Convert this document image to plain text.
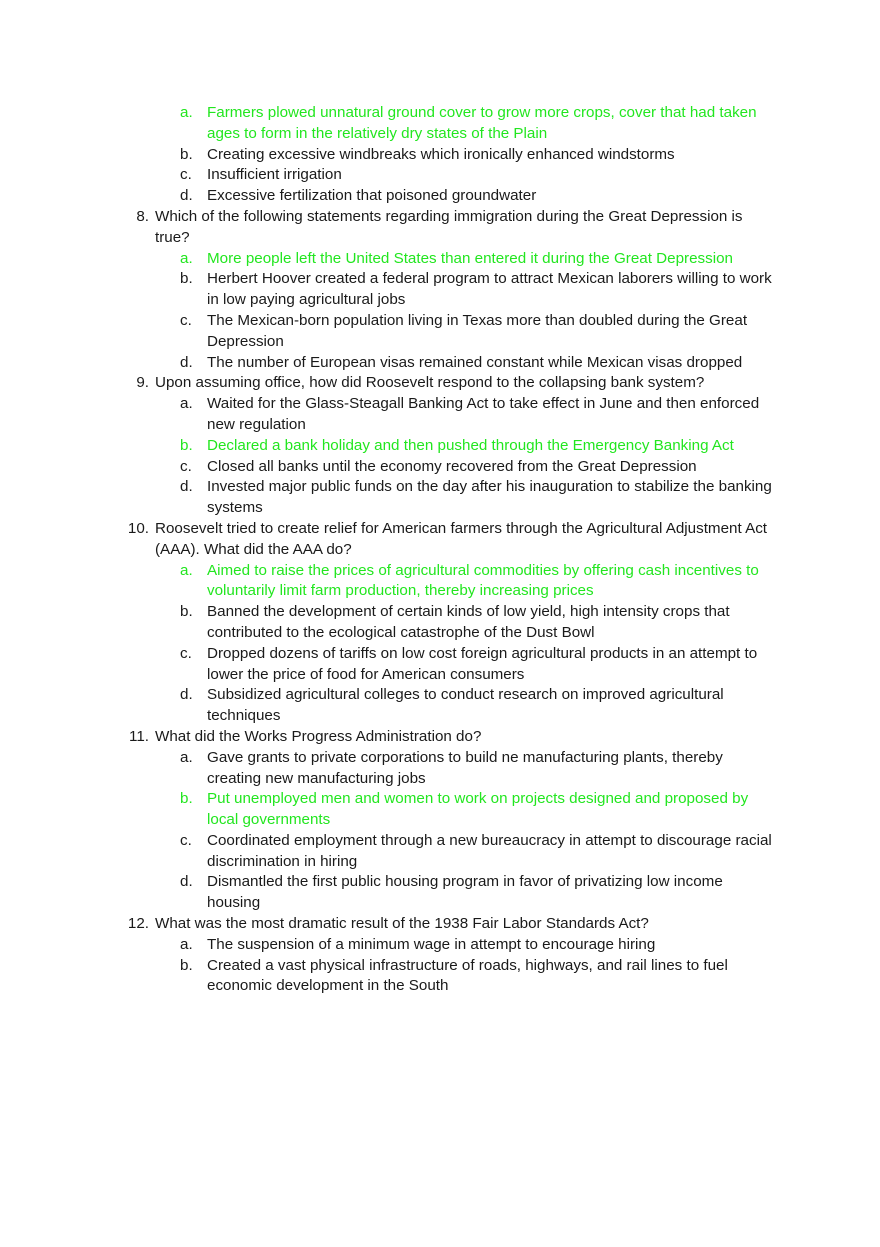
a. Farmers plowed unnatural ground cover to grow more crops, cover that had taken ages to form in the relatively dry states of the Plain
b. Creating excessive windbreaks which ironically enhanced windstorms
c. Insufficient irrigation
d. Excessive fertilization that poisoned groundwater
8. Which of the following statements regarding immigration during the Great Depression is true?
a. More people left the United States than entered it during the Great Depression
b. Herbert Hoover created a federal program to attract Mexican laborers willing to work in low paying agricultural jobs
c. The Mexican-born population living in Texas more than doubled during the Great Depression
d. The number of European visas remained constant while Mexican visas dropped
9. Upon assuming office, how did Roosevelt respond to the collapsing bank system?
a. Waited for the Glass-Steagall Banking Act to take effect in June and then enforced new regulation
b. Declared a bank holiday and then pushed through the Emergency Banking Act
c. Closed all banks until the economy recovered from the Great Depression
d. Invested major public funds on the day after his inauguration to stabilize the banking systems
10. Roosevelt tried to create relief for American farmers through the Agricultural Adjustment Act (AAA). What did the AAA do?
a. Aimed to raise the prices of agricultural commodities by offering cash incentives to voluntarily limit farm production, thereby increasing prices
b. Banned the development of certain kinds of low yield, high intensity crops that contributed to the ecological catastrophe of the Dust Bowl
c. Dropped dozens of tariffs on low cost foreign agricultural products in an attempt to lower the price of food for American consumers
d. Subsidized agricultural colleges to conduct research on improved agricultural techniques
11. What did the Works Progress Administration do?
a. Gave grants to private corporations to build ne manufacturing plants, thereby creating new manufacturing jobs
b. Put unemployed men and women to work on projects designed and proposed by local governments
c. Coordinated employment through a new bureaucracy in attempt to discourage racial discrimination in hiring
d. Dismantled the first public housing program in favor of privatizing low income housing
12. What was the most dramatic result of the 1938 Fair Labor Standards Act?
a. The suspension of a minimum wage in attempt to encourage hiring
b. Created a vast physical infrastructure of roads, highways, and rail lines to fuel economic development in the South
